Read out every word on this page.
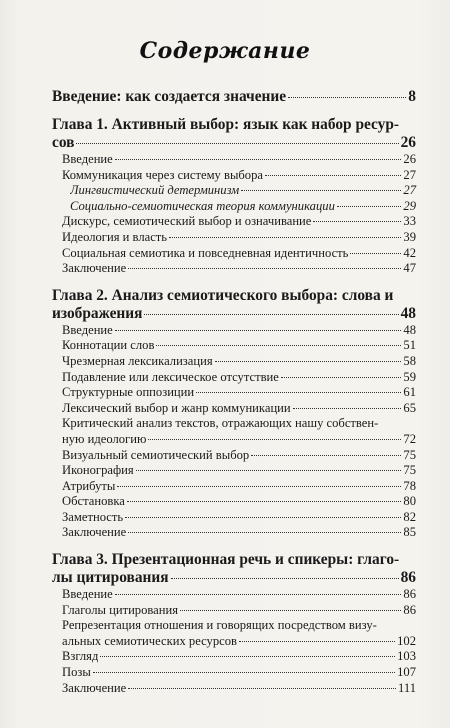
Содержание
Введение: как создается значение	8
Глава 1. Активный выбор: язык как набор ресур-
сов	26
Введение	26
Коммуникация через систему выбора	27
Лингвистический детерминизм	27
Социально-семиотическая теория коммуникации	29
Дискурс, семиотический выбор и означивание	33
Идеология и власть	39
Социальная семиотика и повседневная идентичность	42
Заключение	47
Глава 2. Анализ семиотического выбора: слова и
изображения	48
Введение	48
Коннотации слов	51
Чрезмерная лексикализация	58
Подавление или лексическое отсутствие	59
Структурные оппозиции	61
Лексический выбор и жанр коммуникации	65
Критический анализ текстов, отражающих нашу собствен-
ную идеологию	72
Визуальный семиотический выбор	75
Иконография	75
Атрибуты	78
Обстановка	80
Заметность	82
Заключение	85
Глава 3. Презентационная речь и спикеры: глаго-
лы цитирования	86
Введение	86
Глаголы цитирования	86
Репрезентация отношения и говорящих посредством визу-
альных семиотических ресурсов	102
Взгляд	103
Позы	107
Заключение	111
